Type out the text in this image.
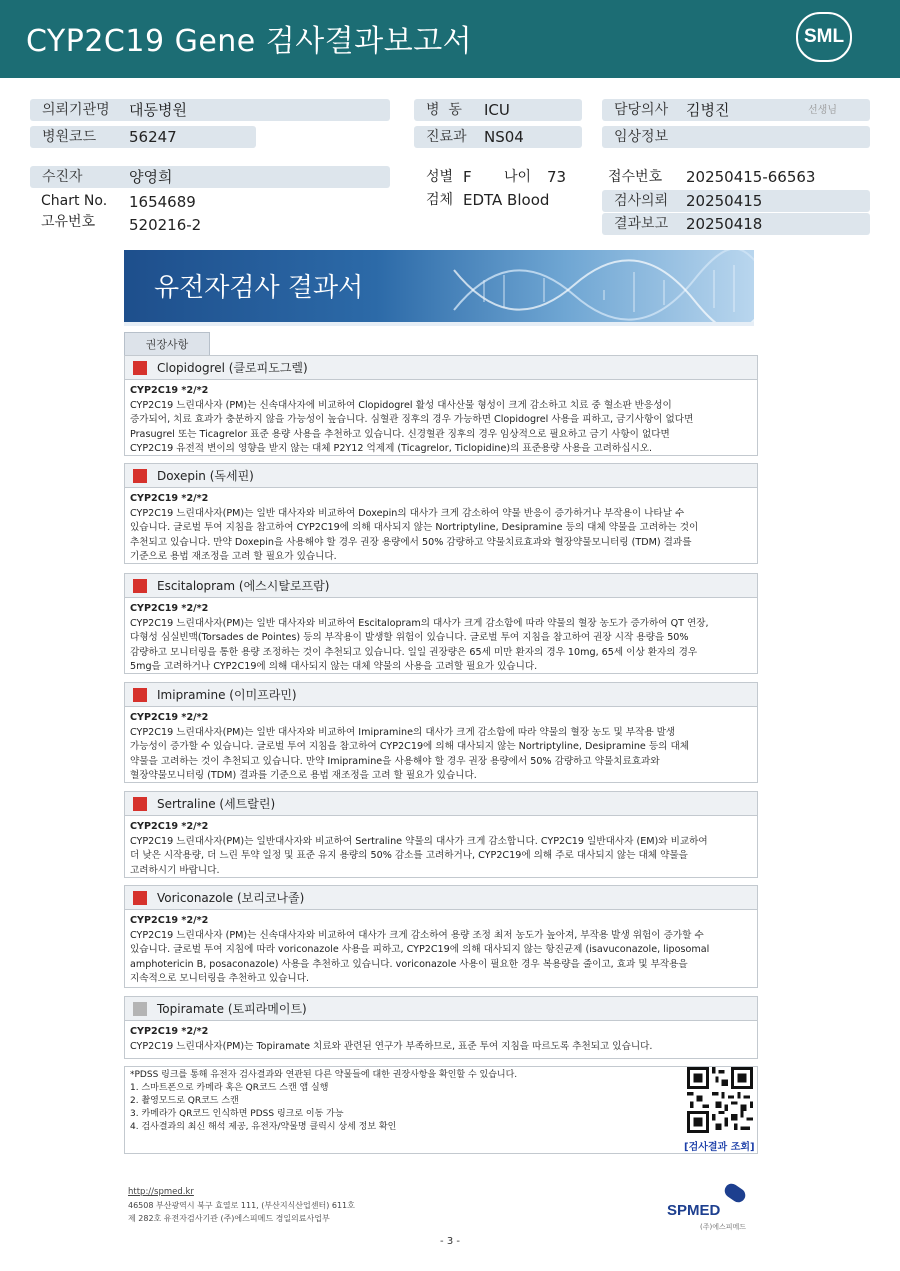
CYP2C19 Gene 검사결과보고서	SML
의뢰기관명	대동병원
병원코드	56247
병  동	ICU
진료과	NS04
담당의사	김병진	선생님
임상정보
수진자	양영희
Chart No. 1654689
고유번호 520216-2
성별 F 나이 73
검체 EDTA Blood
접수번호 20250415-66563
검사의뢰	20250415
결과보고	20250418
유전자검사 결과서
권장사항
Clopidogrel (클로피도그렐)
CYP2C19 *2/*2
CYP2C19 느린대사자 (PM)는 신속대사자에 비교하여 Clopidogrel 활성 대사산물 형성이 크게 감소하고 치료 중 혈소판 반응성이
증가되어, 치료 효과가 충분하지 않을 가능성이 높습니다. 심혈관 징후의 경우 가능하면 Clopidogrel 사용을 피하고, 금기사항이 없다면
Prasugrel 또는 Ticagrelor 표준 용량 사용을 추천하고 있습니다. 신경혈관 징후의 경우 임상적으로 필요하고 금기 사항이 없다면
CYP2C19 유전적 변이의 영향을 받지 않는 대체 P2Y12 억제제 (Ticagrelor, Ticlopidine)의 표준용량 사용을 고려하십시오.
Doxepin (독세핀)
CYP2C19 *2/*2
CYP2C19 느린대사자(PM)는 일반 대사자와 비교하여 Doxepin의 대사가 크게 감소하여 약물 반응이 증가하거나 부작용이 나타날 수
있습니다. 글로벌 투여 지침을 참고하여 CYP2C19에 의해 대사되지 않는 Nortriptyline, Desipramine 등의 대체 약물을 고려하는 것이
추천되고 있습니다. 만약 Doxepin을 사용해야 할 경우 권장 용량에서 50% 감량하고 약물치료효과와 혈장약물모니터링 (TDM) 결과를
기준으로 용법 재조정을 고려 할 필요가 있습니다.
Escitalopram (에스시탈로프람)
CYP2C19 *2/*2
CYP2C19 느린대사자(PM)는 일반 대사자와 비교하여 Escitalopram의 대사가 크게 감소함에 따라 약물의 혈장 농도가 증가하여 QT 연장,
다형성 심실빈맥(Torsades de Pointes) 등의 부작용이 발생할 위험이 있습니다. 글로벌 투여 지침을 참고하여 권장 시작 용량을 50%
감량하고 모니터링을 통한 용량 조정하는 것이 추천되고 있습니다. 일일 권장량은 65세 미만 환자의 경우 10mg, 65세 이상 환자의 경우
5mg을 고려하거나 CYP2C19에 의해 대사되지 않는 대체 약물의 사용을 고려할 필요가 있습니다.
Imipramine (이미프라민)
CYP2C19 *2/*2
CYP2C19 느린대사자(PM)는 일반 대사자와 비교하여 Imipramine의 대사가 크게 감소함에 따라 약물의 혈장 농도 및 부작용 발생
가능성이 증가할 수 있습니다. 글로벌 투여 지침을 참고하여 CYP2C19에 의해 대사되지 않는 Nortriptyline, Desipramine 등의 대체
약물을 고려하는 것이 추천되고 있습니다. 만약 Imipramine을 사용해야 할 경우 권장 용량에서 50% 감량하고 약물치료효과와
혈장약물모니터링 (TDM) 결과를 기준으로 용법 재조정을 고려 할 필요가 있습니다.
Sertraline (세트랄린)
CYP2C19 *2/*2
CYP2C19 느린대사자(PM)는 일반대사자와 비교하여 Sertraline 약물의 대사가 크게 감소합니다. CYP2C19 일반대사자 (EM)와 비교하여
더 낮은 시작용량, 더 느린 투약 일정 및 표준 유지 용량의 50% 감소를 고려하거나, CYP2C19에 의해 주로 대사되지 않는 대체 약물을
고려하시기 바랍니다.
Voriconazole (보리코나졸)
CYP2C19 *2/*2
CYP2C19 느린대사자 (PM)는 신속대사자와 비교하여 대사가 크게 감소하여 용량 조정 최저 농도가 높아져, 부작용 발생 위험이 증가할 수
있습니다. 글로벌 투여 지침에 따라 voriconazole 사용을 피하고, CYP2C19에 의해 대사되지 않는 항진균제 (isavuconazole, liposomal
amphotericin B, posaconazole) 사용을 추천하고 있습니다. voriconazole 사용이 필요한 경우 복용량을 줄이고, 효과 및 부작용을
지속적으로 모니터링을 추천하고 있습니다.
Topiramate (토피라메이트)
CYP2C19 *2/*2
CYP2C19 느린대사자(PM)는 Topiramate 치료와 관련된 연구가 부족하므로, 표준 투여 지침을 따르도록 추천되고 있습니다.
*PDSS 링크를 통해 유전자 검사결과와 연관된 다른 약물들에 대한 권장사항을 확인할 수 있습니다.
1. 스마트폰으로 카메라 혹은 QR코드 스캔 앱 실행
2. 촬영모드로 QR코드 스캔
3. 카메라가 QR코드 인식하면 PDSS 링크로 이동 가능
4. 검사결과의 최신 해석 제공, 유전자/약물명 클릭시 상세 정보 확인
[검사결과 조회]
http://spmed.kr
46508 부산광역시 북구 효열로 111, (부산지식산업센터) 611호
제 282호 유전자검사기관 (주)에스피메드 경일의료사업부	SPMED
(주)에스피메드
- 3 -
